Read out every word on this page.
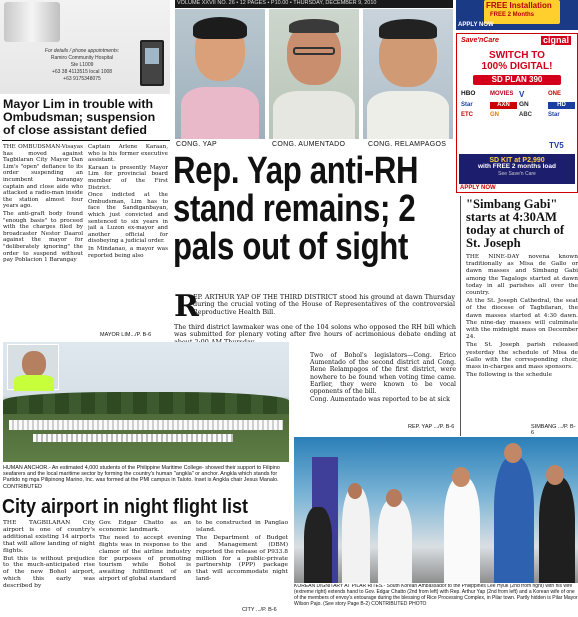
VOLUME XXVII NO. 26 • 12 PAGES • P10.00 • THURSDAY, DECEMBER 9, 2010
For details / phone appointments:
Ramiro Community Hospital
Ste L1009
+63 38 4113515 local 1008
+63 9175348075
Mayor Lim in trouble with Ombudsman; suspension of close assistant defied

THE OMBUDSMAN-Visayas has moved against Tagbilaran City Mayor Dan Lim's "open" defiance to its order suspending an incumbent barangay captain and close aide who attacked a radio-man inside the station almost four years ago.

The anti-graft body found "enough basis" to proceed with the charges filed by broadcaster Nestor Daarol against the mayor for "deliberately ignoring" the order to suspend without pay Poblacion 1 Barangay

Captain Arlene Karaan, who is his former executive assistant.

Karaan is presently Mayor Lim for provincial board member of the First District.

Once indicted at the Ombudsman, Lim has to face the Sandiganbayan, which just convicted and sentenced to six years in jail a Luzon ex-mayor and another official for disobeying a judicial order.

In Mindanao, a mayor was reported being also

MAYOR LIM.../P. B-6
CONG. YAP	CONG. AUMENTADO	CONG. RELAMPAGOS
Rep. Yap anti-RH stand remains; 2 pals out of sight
R
EP. ARTHUR YAP OF THE THIRD DISTRICT stood his ground at dawn Thursday during the crucial voting of the House of Representatives of the controversial Reproductive Health Bill.

The third district lawmaker was one of the 104 solons who opposed the RH bill which was submitted for plenary voting after five hours of acrimonious debate ending at

Two of Bohol's legislators—Cong. Erico Aumentado of the second district and Cong. Rene Relampagos of the first district, were nowhere to be found when voting time came. Earlier, they were known to be vocal opponents of the bill.

Cong. Aumentado was reported to be at sick

REP. YAP .../P. B-6
FREE Installation
FREE 2 Months
APPLY NOW
Save'nCare	cignal
SWITCH TO
100% DIGITAL!
SD PLAN 390
HBO	MOVIES V	ONE
Star	AXN	GN	HD
ETC	GN	ABC	Star
TV5
SD KIT at P2,990
with FREE 2 months load
See Save'n Care
APPLY NOW
"Simbang Gabi" starts at 4:30AM today at church of St. Joseph

THE NINE-DAY novena known traditionally as Misa de Gallo or dawn masses and Simbang Gabi among the Tagalogs started at dawn today in all parishes all over the country.

At the St. Joseph Cathedral, the seat of the diocese of Tagbilaran, the dawn masses started at 4:30 dawn. The nine-day masses will culminate with the midnight mass on December 24.

The St. Joseph parish released yesterday the schedule of Misa de Gallo with the corresponding choir, mass in-charges and mass sponsors.

The following is the schedule

SIMBANG .../P. B-6
HUMAN ANCHOR.- An estimated 4,000 students of the Philippine Maritime College- showed their support to Filipino seafarers and the local maritime sector by forming the country's human "angkla" or anchor. Angkla which stands for Partido ng mga Pilipinong Marino, Inc. was formed at the PMI campus in Taloto. Inset is Angkla chair Jesus Manalo. CONTRIBUTED
City airport in night flight list

THE TAGBILARAN City airport is one of country's additional existing 14 airports that will allow landing of night flights.

But this is without prejudice to the much-anticipated rise of the new Bohol airport, which this early was described by

Gov. Edgar Chatto as an economic landmark.

The need to accept evening flights was in response to the clamor of the airline industry for purposes of promoting tourism while Bohol is awaiting fulfillment of an airport of global standard

to be constructed in Panglao island.

The Department of Budget and Management (DBM) reported the release of P933.8 million for a public-private partnership (PPP) package that will accommodate night land-

CITY .../P. B-6
KOREAN DIGNITARY AT PILAR RITES.- South Korean Ambassador to the Philippines Lee Hyuk (2nd from right) with his wife (extreme right) extends hand to Gov. Edgar Chatto (2nd from left) with Rep. Arthur Yap (2nd from left) and a Korean wife of one of the members of envoy's entourage during the blessing of Rice Processing Complex, in Pilar town. Partly hidden is Pilar Mayor Wilson Pajo. (See story Page B-2) CONTRIBUTED PHOTO
